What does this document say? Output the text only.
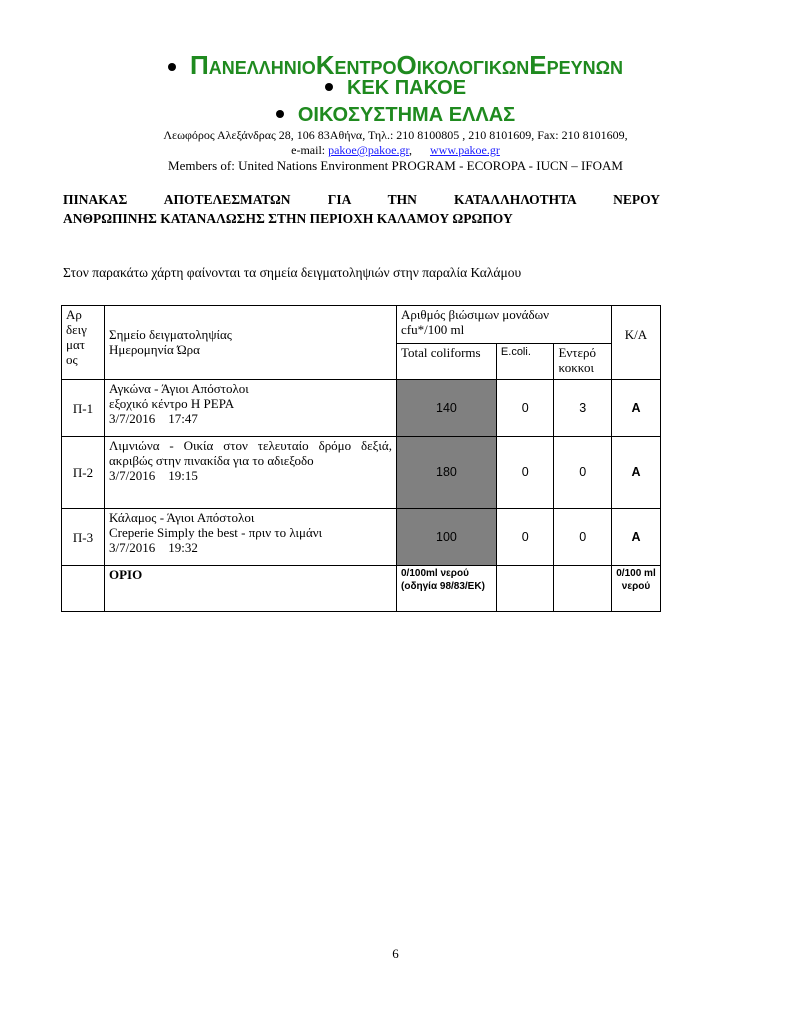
ΠΑΝΕΛΛΗΝΙΟΚΕΝΤΡΟΟΙΚΟΛΟΓΙΚΩΝΕΡΕΥΝΩΝ
ΚΕΚ ΠΑΚΟΕ
ΟΙΚΟΣΥΣΤΗΜΑ ΕΛΛΑΣ
Λεωφόρος Αλεξάνδρας 28, 106 83Αθήνα, Τηλ.: 210 8100805 , 210 8101609, Fax: 210 8101609,
e-mail: pakoe@pakoe.gr,      www.pakoe.gr
Members of: United Nations Environment PROGRAM - ECOROPA - IUCN – IFOAM
ΠΙΝΑΚΑΣ ΑΠΟΤΕΛΕΣΜΑΤΩΝ ΓΙΑ ΤΗΝ ΚΑΤΑΛΛΗΛΟΤΗΤΑ ΝΕΡΟΥ
ΑΝΘΡΩΠΙΝΗΣ ΚΑΤΑΝΑΛΩΣΗΣ ΣΤΗΝ ΠΕΡΙΟΧΗ ΚΑΛΑΜΟΥ ΩΡΩΠΟΥ
Στον παρακάτω χάρτη φαίνονται τα σημεία δειγματοληψιών στην παραλία Καλάμου
Αρ
δειγ
ματ
ος	Σημείο δειγματοληψίας
Ημερομηνία Ώρα	Αριθμός βιώσιμων μονάδων
cfu*/100 ml			Κ/Α
		Total coliforms	E.coli.	Εντερό κοκκοι	
Π-1	Αγκώνα - Άγιοι Απόστολοι
εξοχικό κέντρο Η ΡΕΡΑ
3/7/2016 17:47	140	0	3	Α
Π-2	Λιμνιώνα - Οικία στον τελευταίο δρόμο δεξιά, ακριβώς στην πινακίδα για το αδιεξοδο
3/7/2016 19:15	180	0	0	Α
Π-3	Κάλαμος - Άγιοι Απόστολοι
Creperie Simply the best - πριν το λιμάνι
3/7/2016 19:32	100	0	0	Α
	ΟΡΙΟ	0/100ml νερού (οδηγία 98/83/ΕΚ)			0/100 ml νερού
6
